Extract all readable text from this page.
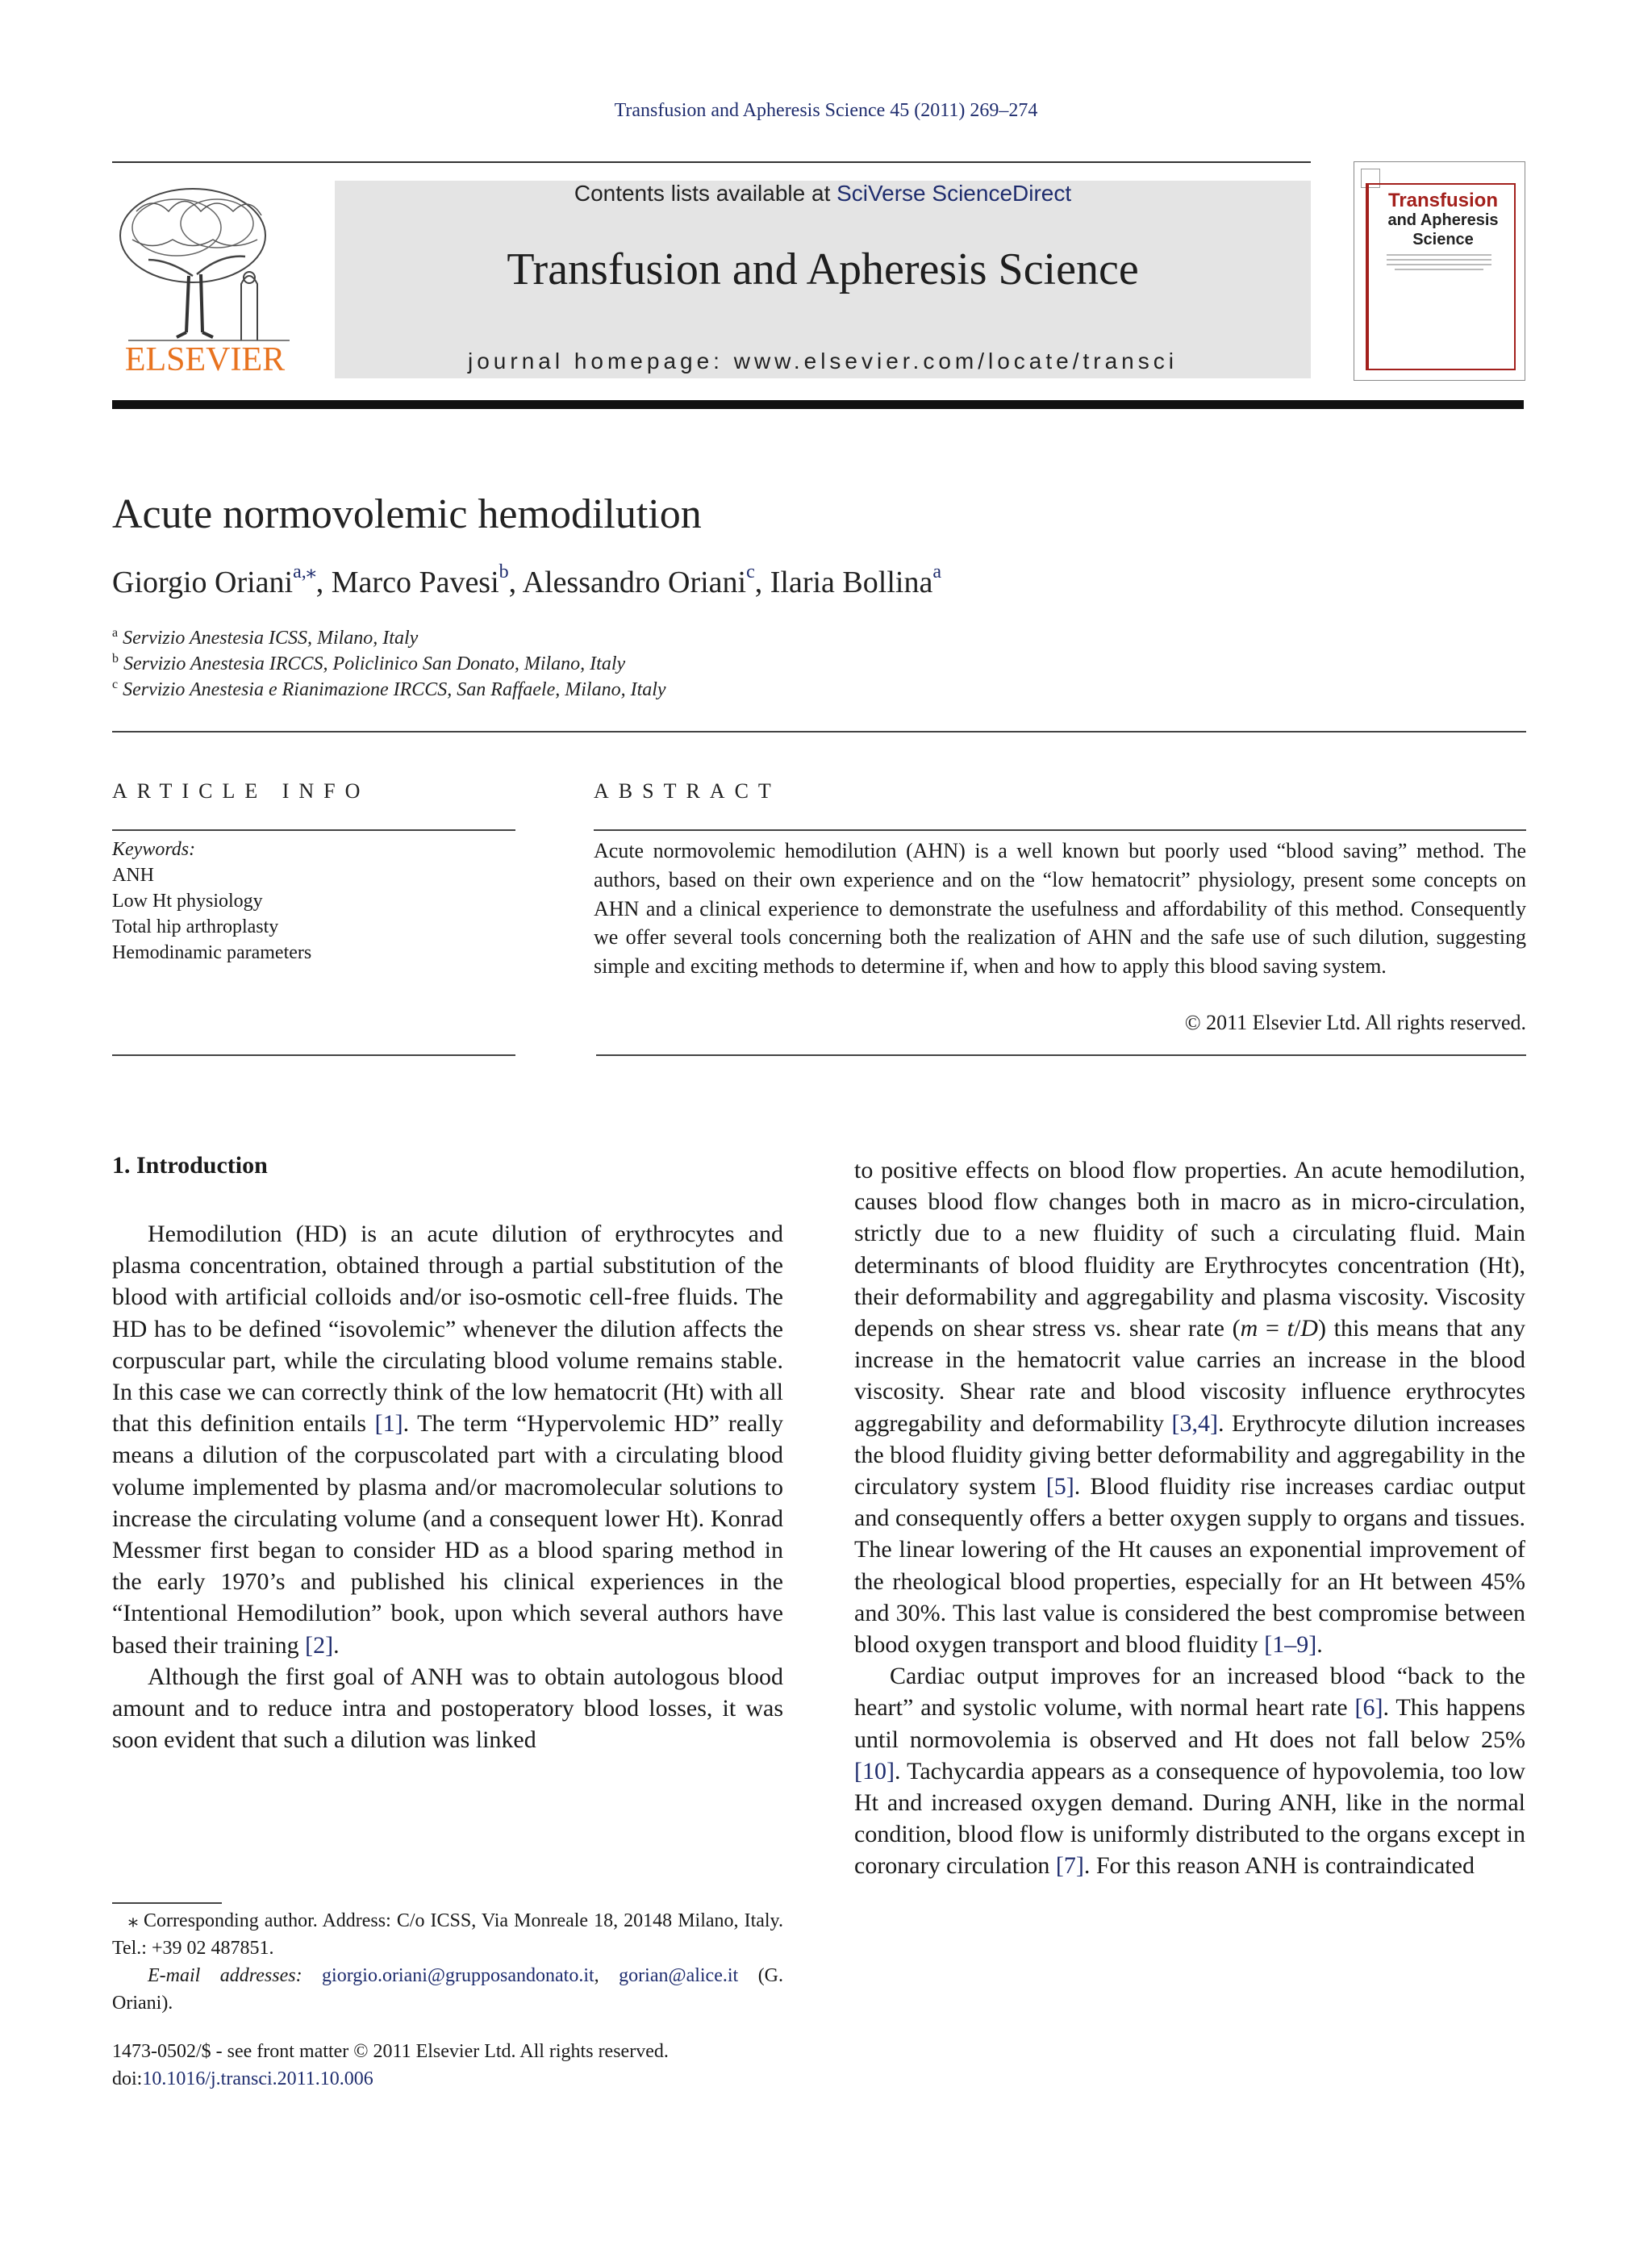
Transfusion and Apheresis Science 45 (2011) 269–274
ELSEVIER
Contents lists available at SciVerse ScienceDirect
Transfusion and Apheresis Science
journal homepage: www.elsevier.com/locate/transci
Transfusion
and Apheresis
Science
Acute normovolemic hemodilution
Giorgio Oriani$^{a,⁎}$, Marco Pavesi$^b$, Alessandro Oriani$^c$, Ilaria Bollina$^a$
$^a$ Servizio Anestesia ICSS, Milano, Italy
$^b$ Servizio Anestesia IRCCS, Policlinico San Donato, Milano, Italy
$^c$ Servizio Anestesia e Rianimazione IRCCS, San Raffaele, Milano, Italy
ARTICLE INFO
Keywords:
ANH
Low Ht physiology
Total hip arthroplasty
Hemodinamic parameters
ABSTRACT
Acute normovolemic hemodilution (AHN) is a well known but poorly used “blood saving” method. The authors, based on their own experience and on the “low hematocrit” physiology, present some concepts on AHN and a clinical experience to demonstrate the usefulness and affordability of this method. Consequently we offer several tools concerning both the realization of AHN and the safe use of such dilution, suggesting simple and exciting methods to determine if, when and how to apply this blood saving system.
© 2011 Elsevier Ltd. All rights reserved.
1. Introduction

Hemodilution (HD) is an acute dilution of erythrocytes and plasma concentration, obtained through a partial substitution of the blood with artificial colloids and/or iso-osmotic cell-free fluids. The HD has to be defined “isovolemic” whenever the dilution affects the corpuscular part, while the circulating blood volume remains stable. In this case we can correctly think of the low hematocrit (Ht) with all that this definition entails [1]. The term “Hypervolemic HD” really means a dilution of the corpuscolated part with a circulating blood volume implemented by plasma and/or macromolecular solutions to increase the circulating volume (and a consequent lower Ht). Konrad Messmer first began to consider HD as a blood sparing method in the early 1970’s and published his clinical experiences in the “Intentional Hemodilution” book, upon which several authors have based their training [2].

Although the first goal of ANH was to obtain autologous blood amount and to reduce intra and postoperatory blood losses, it was soon evident that such a dilution was linked

to positive effects on blood flow properties. An acute hemodilution, causes blood flow changes both in macro as in micro-circulation, strictly due to a new fluidity of such a circulating fluid. Main determinants of blood fluidity are Erythrocytes concentration (Ht), their deformability and aggregability and plasma viscosity. Viscosity depends on shear stress vs. shear rate (m = t/D) this means that any increase in the hematocrit value carries an increase in the blood viscosity. Shear rate and blood viscosity influence erythrocytes aggregability and deformability [3,4]. Erythrocyte dilution increases the blood fluidity giving better deformability and aggregability in the circulatory system [5]. Blood fluidity rise increases cardiac output and consequently offers a better oxygen supply to organs and tissues. The linear lowering of the Ht causes an exponential improvement of the rheological blood properties, especially for an Ht between 45% and 30%. This last value is considered the best compromise between blood oxygen transport and blood fluidity [1–9].

Cardiac output improves for an increased blood “back to the heart” and systolic volume, with normal heart rate [6]. This happens until normovolemia is observed and Ht does not fall below 25% [10]. Tachycardia appears as a consequence of hypovolemia, too low Ht and increased oxygen demand. During ANH, like in the normal condition, blood flow is uniformly distributed to the organs except in coronary circulation [7]. For this reason ANH is contraindicated

⁎ Corresponding author. Address: C/o ICSS, Via Monreale 18, 20148 Milano, Italy. Tel.: +39 02 487851.
E-mail addresses: giorgio.oriani@grupposandonato.it, gorian@alice.it (G. Oriani).
1473-0502/$ - see front matter © 2011 Elsevier Ltd. All rights reserved.
doi:10.1016/j.transci.2011.10.006
